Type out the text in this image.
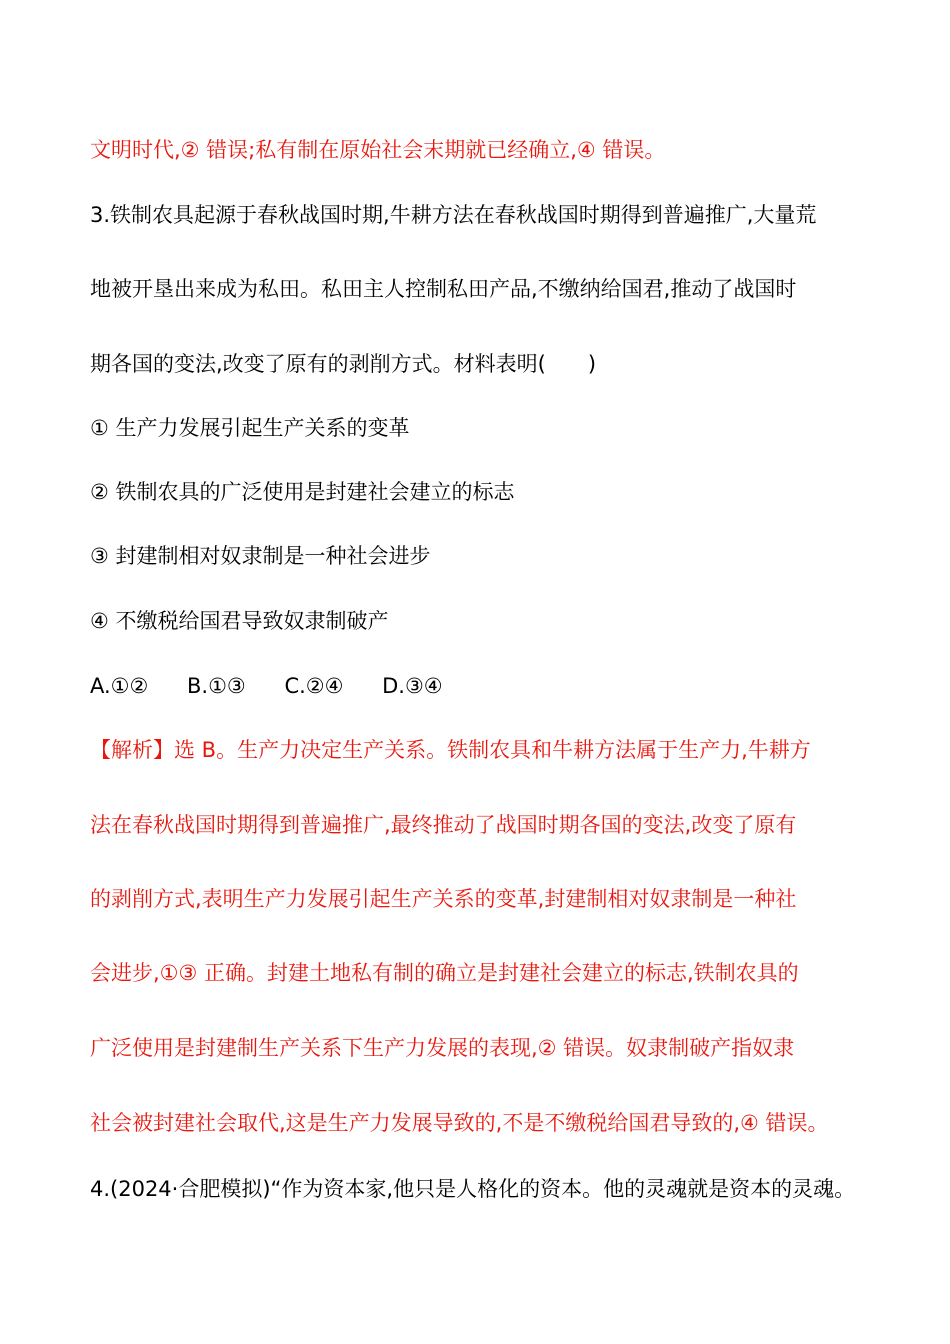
文明时代,② 错误;私有制在原始社会末期就已经确立,④ 错误。
3.铁制农具起源于春秋战国时期,牛耕方法在春秋战国时期得到普遍推广,大量荒
地被开垦出来成为私田。私田主人控制私田产品,不缴纳给国君,推动了战国时
期各国的变法,改变了原有的剥削方式。材料表明(　　)
① 生产力发展引起生产关系的变革
② 铁制农具的广泛使用是封建社会建立的标志
③ 封建制相对奴隶制是一种社会进步
④ 不缴税给国君导致奴隶制破产
A.①② B.①③ C.②④ D.③④
【解析】选 B。生产力决定生产关系。铁制农具和牛耕方法属于生产力,牛耕方
法在春秋战国时期得到普遍推广,最终推动了战国时期各国的变法,改变了原有
的剥削方式,表明生产力发展引起生产关系的变革,封建制相对奴隶制是一种社
会进步,①③ 正确。封建土地私有制的确立是封建社会建立的标志,铁制农具的
广泛使用是封建制生产关系下生产力发展的表现,② 错误。奴隶制破产指奴隶
社会被封建社会取代,这是生产力发展导致的,不是不缴税给国君导致的,④ 错误。
4.(2024·合肥模拟)“作为资本家,他只是人格化的资本。他的灵魂就是资本的灵魂。
